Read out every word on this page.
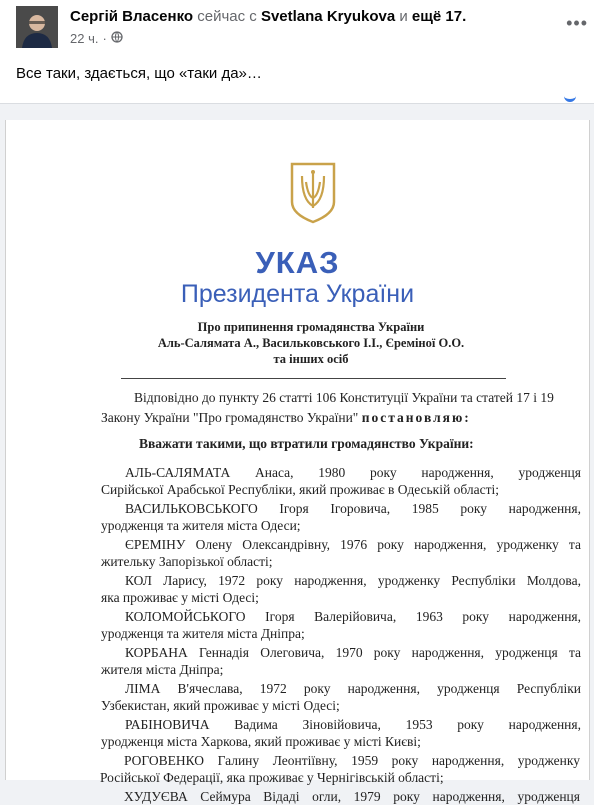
Сергій Власенко сейчас с Svetlana Kryukova и ещё 17.
22 ч. ·
•••
Все таки, здається, що «таки да»…
УКАЗ
Президента України
Про припинення громадянства України
Аль-Салямата А., Васильковського І.І., Єреміної О.О.
та інших осіб
Відповідно до пункту 26 статті 106 Конституції України та статей 17 і 19
Закону України "Про громадянство України" постановляю:
Вважати такими, що втратили громадянство України:
АЛЬ-САЛЯМАТА Анаса, 1980 року народження, уродженця
Сирійської Арабської Республіки, який проживає в Одеській області;
ВАСИЛЬКОВСЬКОГО Ігоря Ігоровича, 1985 року народження,
уродженця та жителя міста Одеси;
ЄРЕМІНУ Олену Олександрівну, 1976 року народження, уродженку та
жительку Запорізької області;
КОЛ Ларису, 1972 року народження, уродженку Республіки Молдова,
яка проживає у місті Одесі;
КОЛОМОЙСЬКОГО Ігоря Валерійовича, 1963 року народження,
уродженця та жителя міста Дніпра;
КОРБАНА Геннадія Олеговича, 1970 року народження, уродженця та
жителя міста Дніпра;
ЛІМА В'ячеслава, 1972 року народження, уродженця Республіки
Узбекистан, який проживає у місті Одесі;
РАБІНОВИЧА Вадима Зіновійовича, 1953 року народження,
уродженця міста Харкова, який проживає у місті Києві;
РОГОВЕНКО Галину Леонтіївну, 1959 року народження, уродженку
Російської Федерації, яка проживає у Чернігівській області;
ХУДУЄВА Сеймура Відаді огли, 1979 року народження, уродженця
